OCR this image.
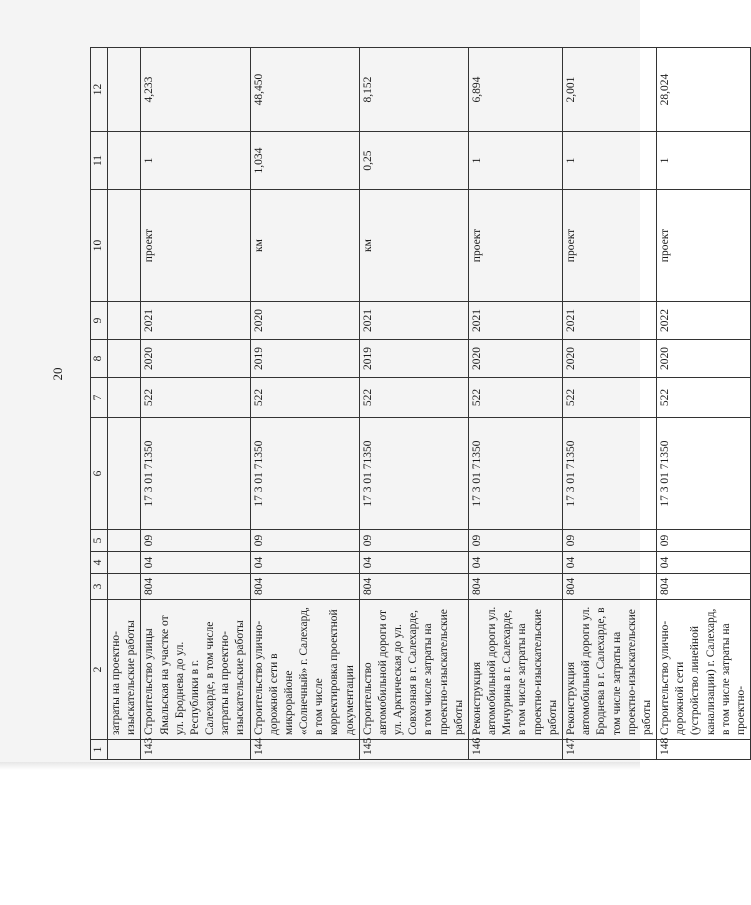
20
1	2	3	4	5	6	7	8	9	10	11	12
	затраты на проектно-изыскательские работы										
143	Строительство улицы Ямальская на участке от ул. Броднева до ул. Республики в г. Салехарде, в том числе затраты на проектно-изыскательские работы	804	04	09	17 3 01 71350	522	2020	2021	проект	1	4,233
144	Строительство улично-дорожной сети в микрорайоне «Солнечный» г. Салехард, в том числе корректировка проектной документации	804	04	09	17 3 01 71350	522	2019	2020	км	1,034	48,450
145	Строительство автомобильной дороги от ул. Арктическая до ул. Совхозная в г. Салехарде, в том числе затраты на проектно-изыскательские работы	804	04	09	17 3 01 71350	522	2019	2021	км	0,25	8,152
146	Реконструкция автомобильной дороги ул. Мичурина в г. Салехарде, в том числе затраты на проектно-изыскательские работы	804	04	09	17 3 01 71350	522	2020	2021	проект	1	6,894
147	Реконструкция автомобильной дороги ул. Броднева в г. Салехарде, в том числе затраты на проектно-изыскательские работы	804	04	09	17 3 01 71350	522	2020	2021	проект	1	2,001
148	Строительство улично-дорожной сети (устройство линейной канализации) г. Салехард, в том числе затраты на проектно-	804	04	09	17 3 01 71350	522	2020	2022	проект	1	28,024
